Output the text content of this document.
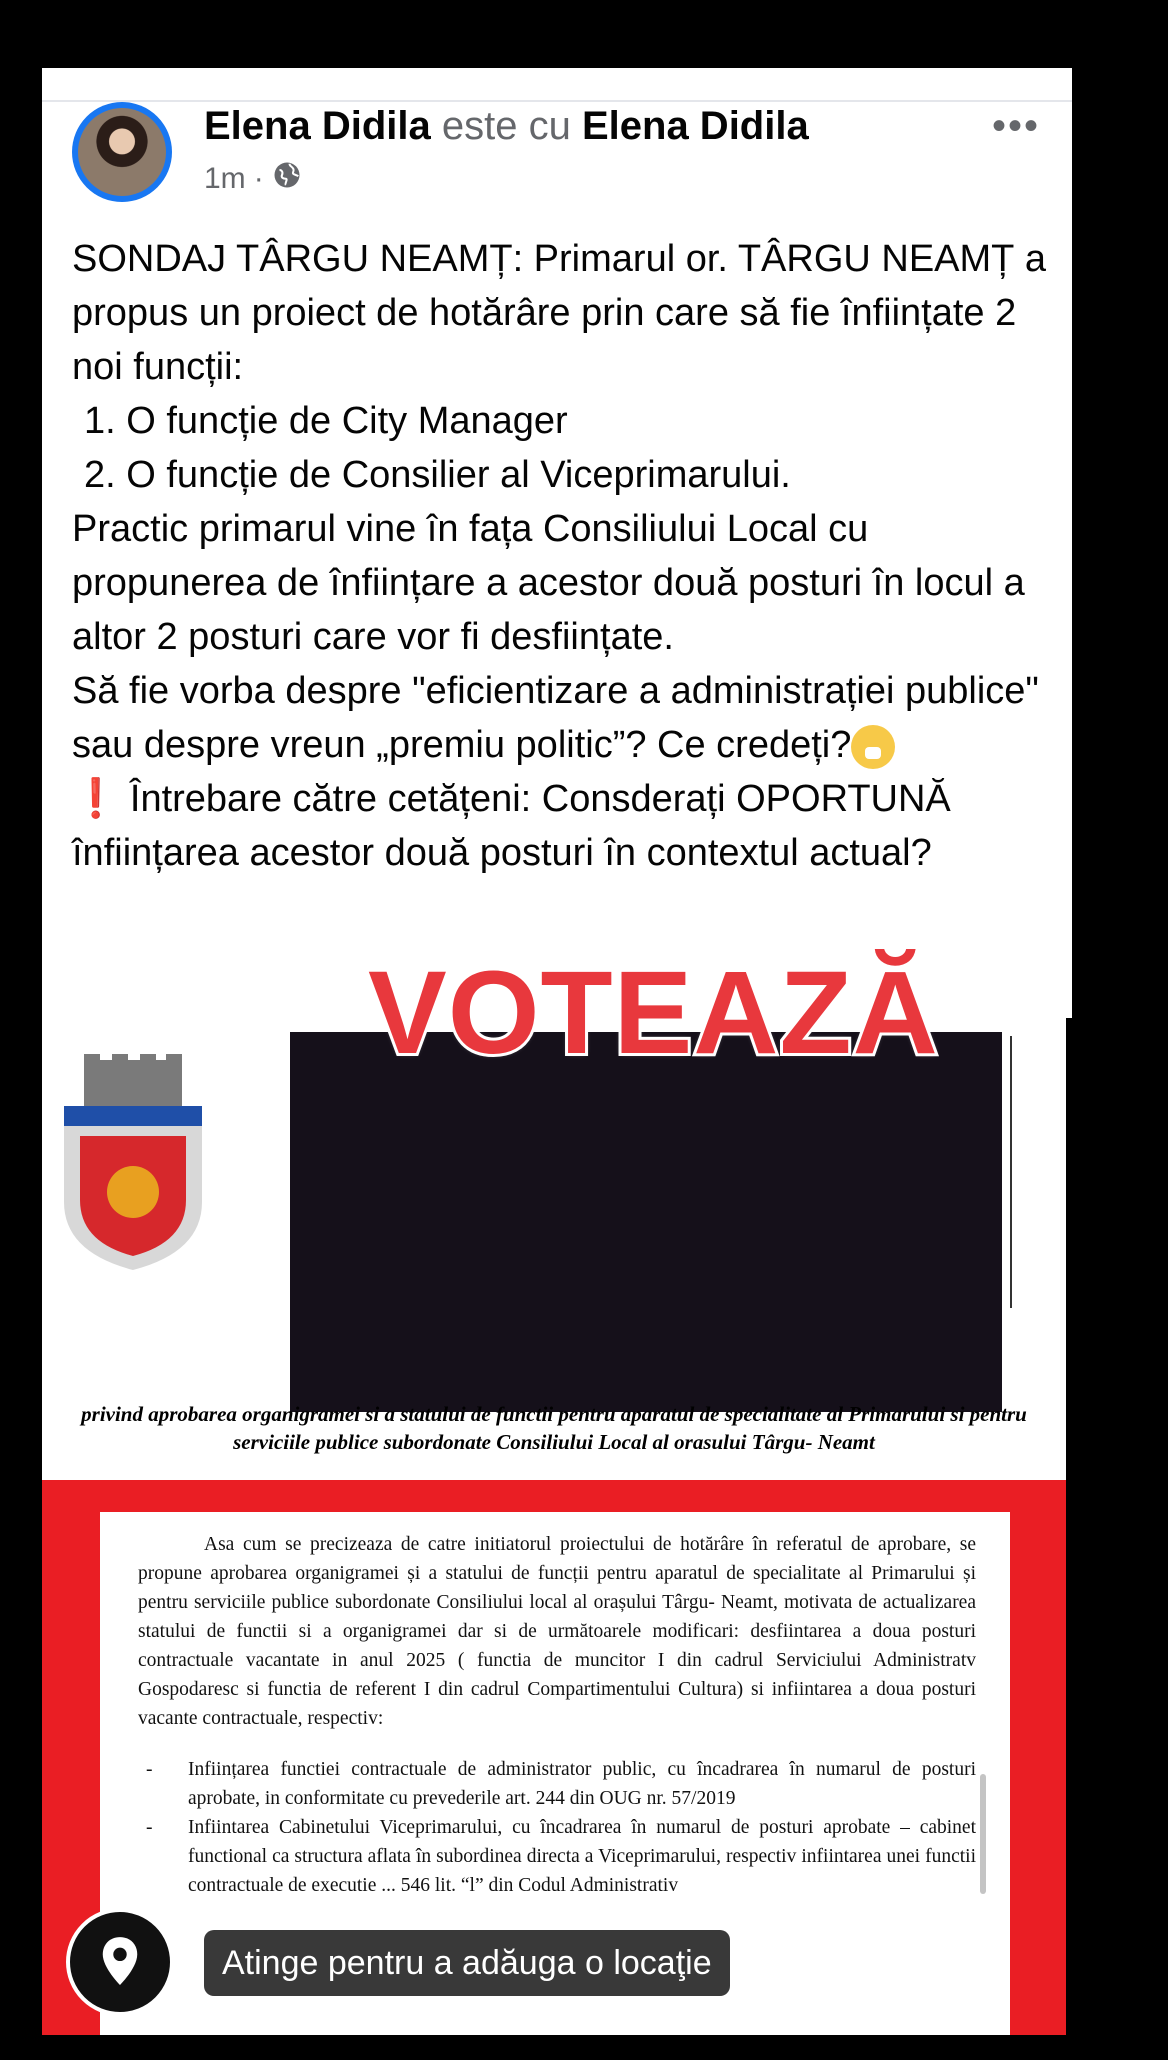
Elena Didila este cu Elena Didila
1m ·
•••

SONDAJ TÂRGU NEAMȚ: Primarul or. TÂRGU NEAMȚ a propus un proiect de hotărâre prin care să fie înființate 2 noi funcții:

1. O funcție de City Manager

2. O funcție de Consilier al Viceprimarului.

Practic primarul vine în fața Consiliului Local cu propunerea de înființare a acestor două posturi în locul a altor 2 posturi care vor fi desființate.

Să fie vorba despre "eficientizare a administrației publice" sau despre vreun „premiu politic”? Ce credeți?

❗ Întrebare către cetățeni: Consderați OPORTUNĂ înființarea acestor două posturi în contextul actual?

privind aprobarea organigramei si a statului de functii pentru aparatul de specialitate al Primarului si pentru serviciile publice subordonate Consiliului Local al orasului Târgu- Neamt
VOTEAZĂ

Asa cum se precizeaza de catre initiatorul proiectului de hotărâre în referatul de aprobare, se propune aprobarea organigramei și a statului de funcții pentru aparatul de specialitate al Primarului și pentru serviciile publice subordonate Consiliului local al orașului Târgu- Neamt, motivata de actualizarea statului de functii si a organigramei dar si de următoarele modificari: desfiintarea a doua posturi contractuale vacantate in anul 2025 ( functia de muncitor I din cadrul Serviciului Administratv Gospodaresc si functia de referent I din cadrul Compartimentului Cultura) si infiintarea a doua posturi vacante contractuale, respectiv:

-	Inființarea functiei contractuale de administrator public, cu încadrarea în numarul de posturi aprobate, in conformitate cu prevederile art. 244 din OUG nr. 57/2019
-	Infiintarea Cabinetului Viceprimarului, cu încadrarea în numarul de posturi aprobate – cabinet functional ca structura aflata în subordinea directa a Viceprimarului, respectiv infiintarea unei functii contractuale de executie ... 546 lit. “l” din Codul Administrativ
Atinge pentru a adăuga o locaţie
